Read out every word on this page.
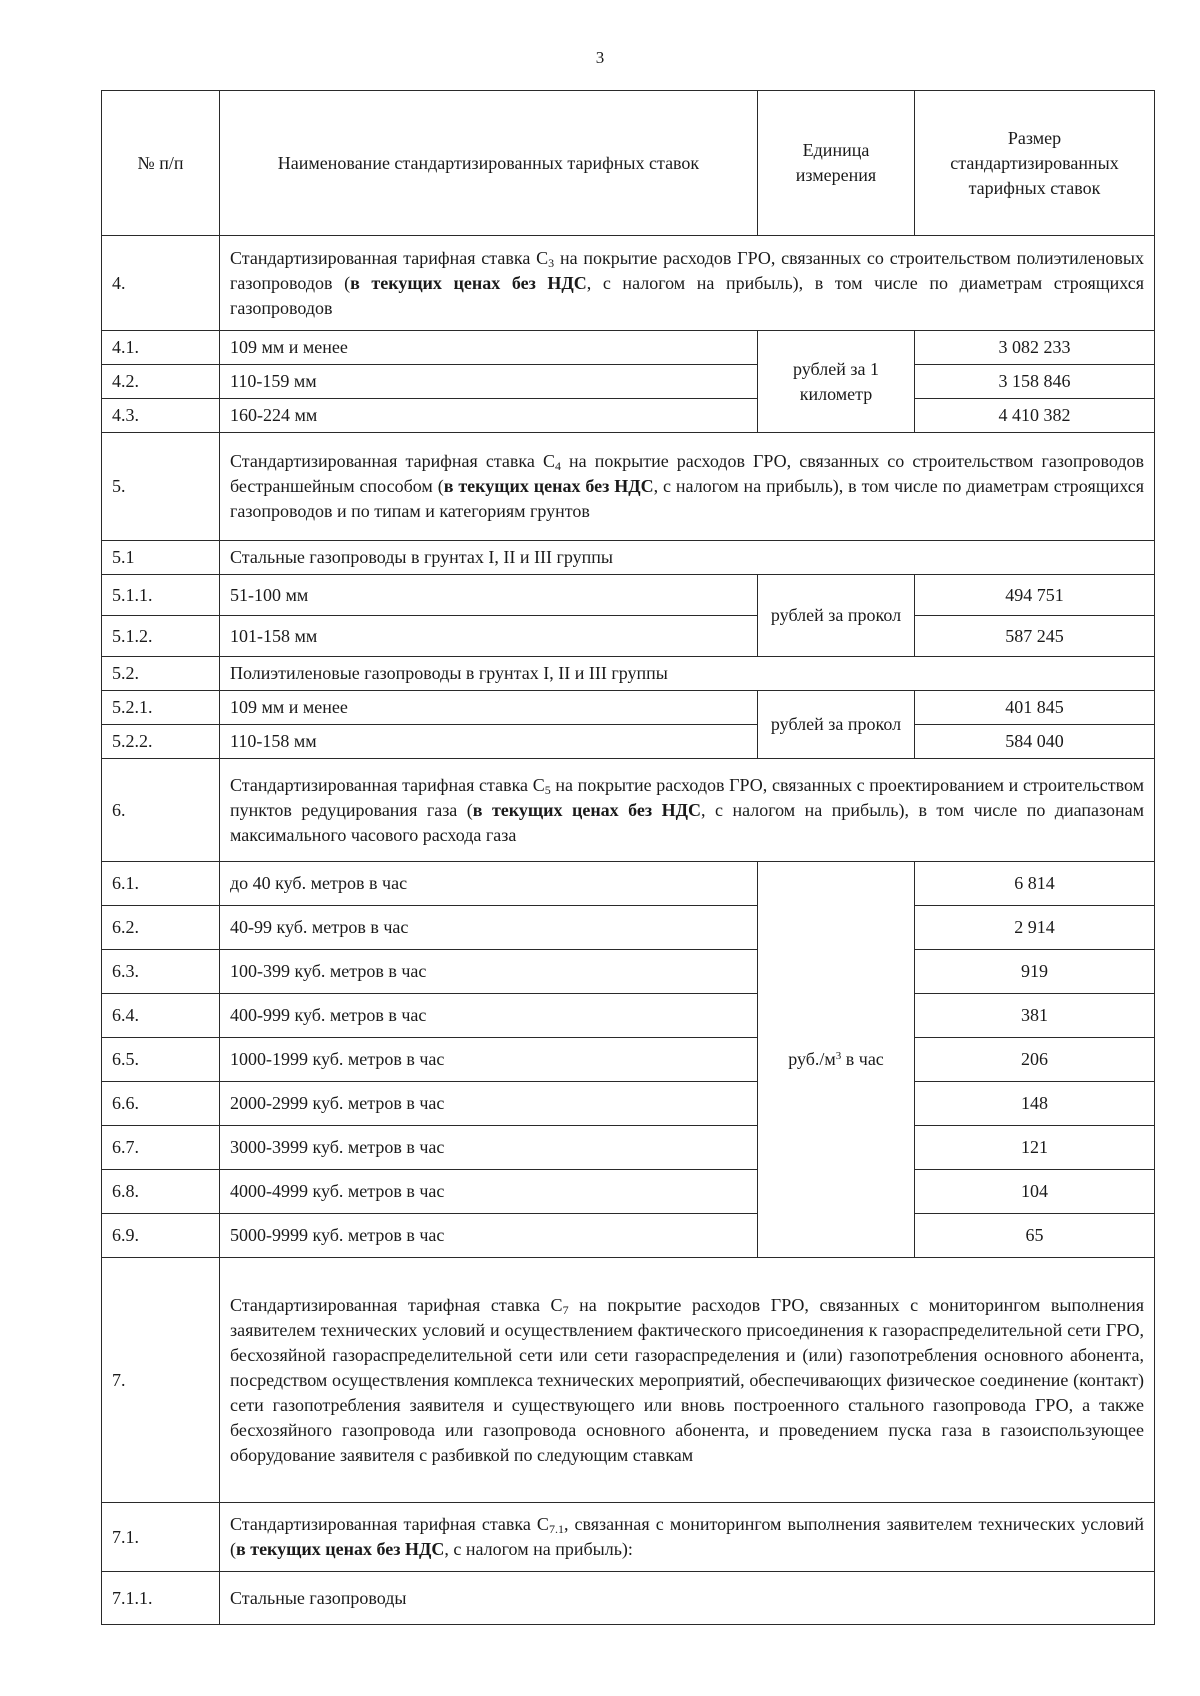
3
№ п/п	Наименование стандартизированных тарифных ставок	Единица измерения	Размер стандартизированных тарифных ставок
4.	Стандартизированная тарифная ставка $С_3$ на покрытие расходов ГРО, связанных со строительством полиэтиленовых газопроводов (в текущих ценах без НДС, с налогом на прибыль), в том числе по диаметрам строящихся газопроводов		
4.1.	109 мм и менее	рублей за 1 километр	3 082 233
4.2.	110-159 мм		3 158 846
4.3.	160-224 мм		4 410 382
5.	Стандартизированная тарифная ставка $С_4$ на покрытие расходов ГРО, связанных со строительством газопроводов бестраншейным способом (в текущих ценах без НДС, с налогом на прибыль), в том числе по диаметрам строящихся газопроводов и по типам и категориям грунтов		
5.1	Стальные газопроводы в грунтах I, II и III группы		
5.1.1.	51-100 мм	рублей за прокол	494 751
5.1.2.	101-158 мм		587 245
5.2.	Полиэтиленовые газопроводы в грунтах I, II и III группы		
5.2.1.	109 мм и менее	рублей за прокол	401 845
5.2.2.	110-158 мм		584 040
6.	Стандартизированная тарифная ставка $С_5$ на покрытие расходов ГРО, связанных с проектированием и строительством пунктов редуцирования газа (в текущих ценах без НДС, с налогом на прибыль), в том числе по диапазонам максимального часового расхода газа		
6.1.	до 40 куб. метров в час	$руб./м^3$ в час	6 814
6.2.	40-99 куб. метров в час		2 914
6.3.	100-399 куб. метров в час		919
6.4.	400-999 куб. метров в час		381
6.5.	1000-1999 куб. метров в час		206
6.6.	2000-2999 куб. метров в час		148
6.7.	3000-3999 куб. метров в час		121
6.8.	4000-4999 куб. метров в час		104
6.9.	5000-9999 куб. метров в час		65
7.	Стандартизированная тарифная ставка $С_7$ на покрытие расходов ГРО, связанных с мониторингом выполнения заявителем технических условий и осуществлением фактического присоединения к газораспределительной сети ГРО, бесхозяйной газораспределительной сети или сети газораспределения и (или) газопотребления основного абонента, посредством осуществления комплекса технических мероприятий, обеспечивающих физическое соединение (контакт) сети газопотребления заявителя и существующего или вновь построенного стального газопровода ГРО, а также бесхозяйного газопровода или газопровода основного абонента, и проведением пуска газа в газоиспользующее оборудование заявителя с разбивкой по следующим ставкам		
7.1.	Стандартизированная тарифная ставка $С_{7.1}$, связанная с мониторингом выполнения заявителем технических условий (в текущих ценах без НДС, с налогом на прибыль):		
7.1.1.	Стальные газопроводы		
